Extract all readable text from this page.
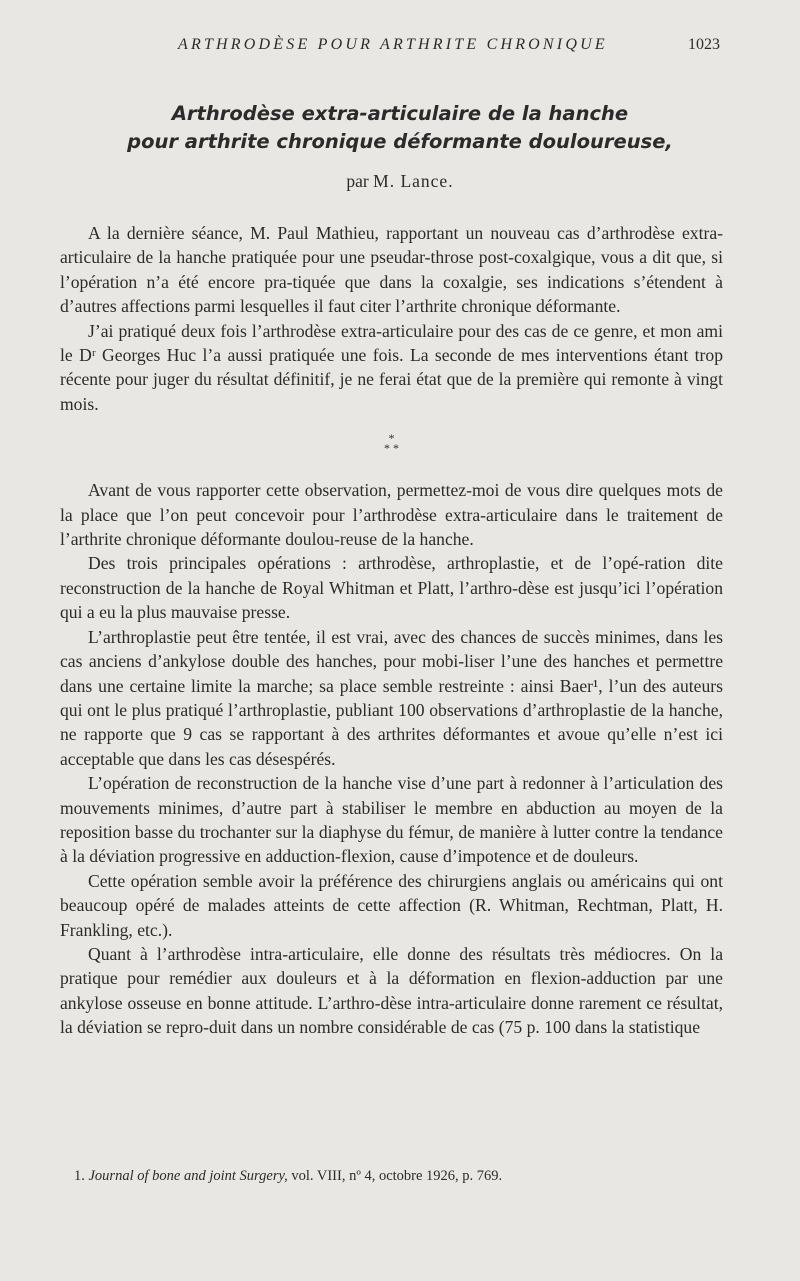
ARTHRODÈSE POUR ARTHRITE CHRONIQUE	1023
Arthrodèse extra-articulaire de la hanche
pour arthrite chronique déformante douloureuse,
par M. Lance.

A la dernière séance, M. Paul Mathieu, rapportant un nouveau cas d’arthrodèse extra-articulaire de la hanche pratiquée pour une pseudar-throse post-coxalgique, vous a dit que, si l’opération n’a été encore pra-tiquée que dans la coxalgie, ses indications s’étendent à d’autres affections parmi lesquelles il faut citer l’arthrite chronique déformante.

J’ai pratiqué deux fois l’arthrodèse extra-articulaire pour des cas de ce genre, et mon ami le Dʳ Georges Huc l’a aussi pratiquée une fois. La seconde de mes interventions étant trop récente pour juger du résultat définitif, je ne ferai état que de la première qui remonte à vingt mois.

*
* *

Avant de vous rapporter cette observation, permettez-moi de vous dire quelques mots de la place que l’on peut concevoir pour l’arthrodèse extra-articulaire dans le traitement de l’arthrite chronique déformante doulou-reuse de la hanche.

Des trois principales opérations : arthrodèse, arthroplastie, et de l’opé-ration dite reconstruction de la hanche de Royal Whitman et Platt, l’arthro-dèse est jusqu’ici l’opération qui a eu la plus mauvaise presse.

L’arthroplastie peut être tentée, il est vrai, avec des chances de succès minimes, dans les cas anciens d’ankylose double des hanches, pour mobi-liser l’une des hanches et permettre dans une certaine limite la marche; sa place semble restreinte : ainsi Baer¹, l’un des auteurs qui ont le plus pratiqué l’arthroplastie, publiant 100 observations d’arthroplastie de la hanche, ne rapporte que 9 cas se rapportant à des arthrites déformantes et avoue qu’elle n’est ici acceptable que dans les cas désespérés.

L’opération de reconstruction de la hanche vise d’une part à redonner à l’articulation des mouvements minimes, d’autre part à stabiliser le membre en abduction au moyen de la reposition basse du trochanter sur la diaphyse du fémur, de manière à lutter contre la tendance à la déviation progressive en adduction-flexion, cause d’impotence et de douleurs.

Cette opération semble avoir la préférence des chirurgiens anglais ou américains qui ont beaucoup opéré de malades atteints de cette affection (R. Whitman, Rechtman, Platt, H. Frankling, etc.).

Quant à l’arthrodèse intra-articulaire, elle donne des résultats très médiocres. On la pratique pour remédier aux douleurs et à la déformation en flexion-adduction par une ankylose osseuse en bonne attitude. L’arthro-dèse intra-articulaire donne rarement ce résultat, la déviation se repro-duit dans un nombre considérable de cas (75 p. 100 dans la statistique

1. Journal of bone and joint Surgery, vol. VIII, nº 4, octobre 1926, p. 769.
